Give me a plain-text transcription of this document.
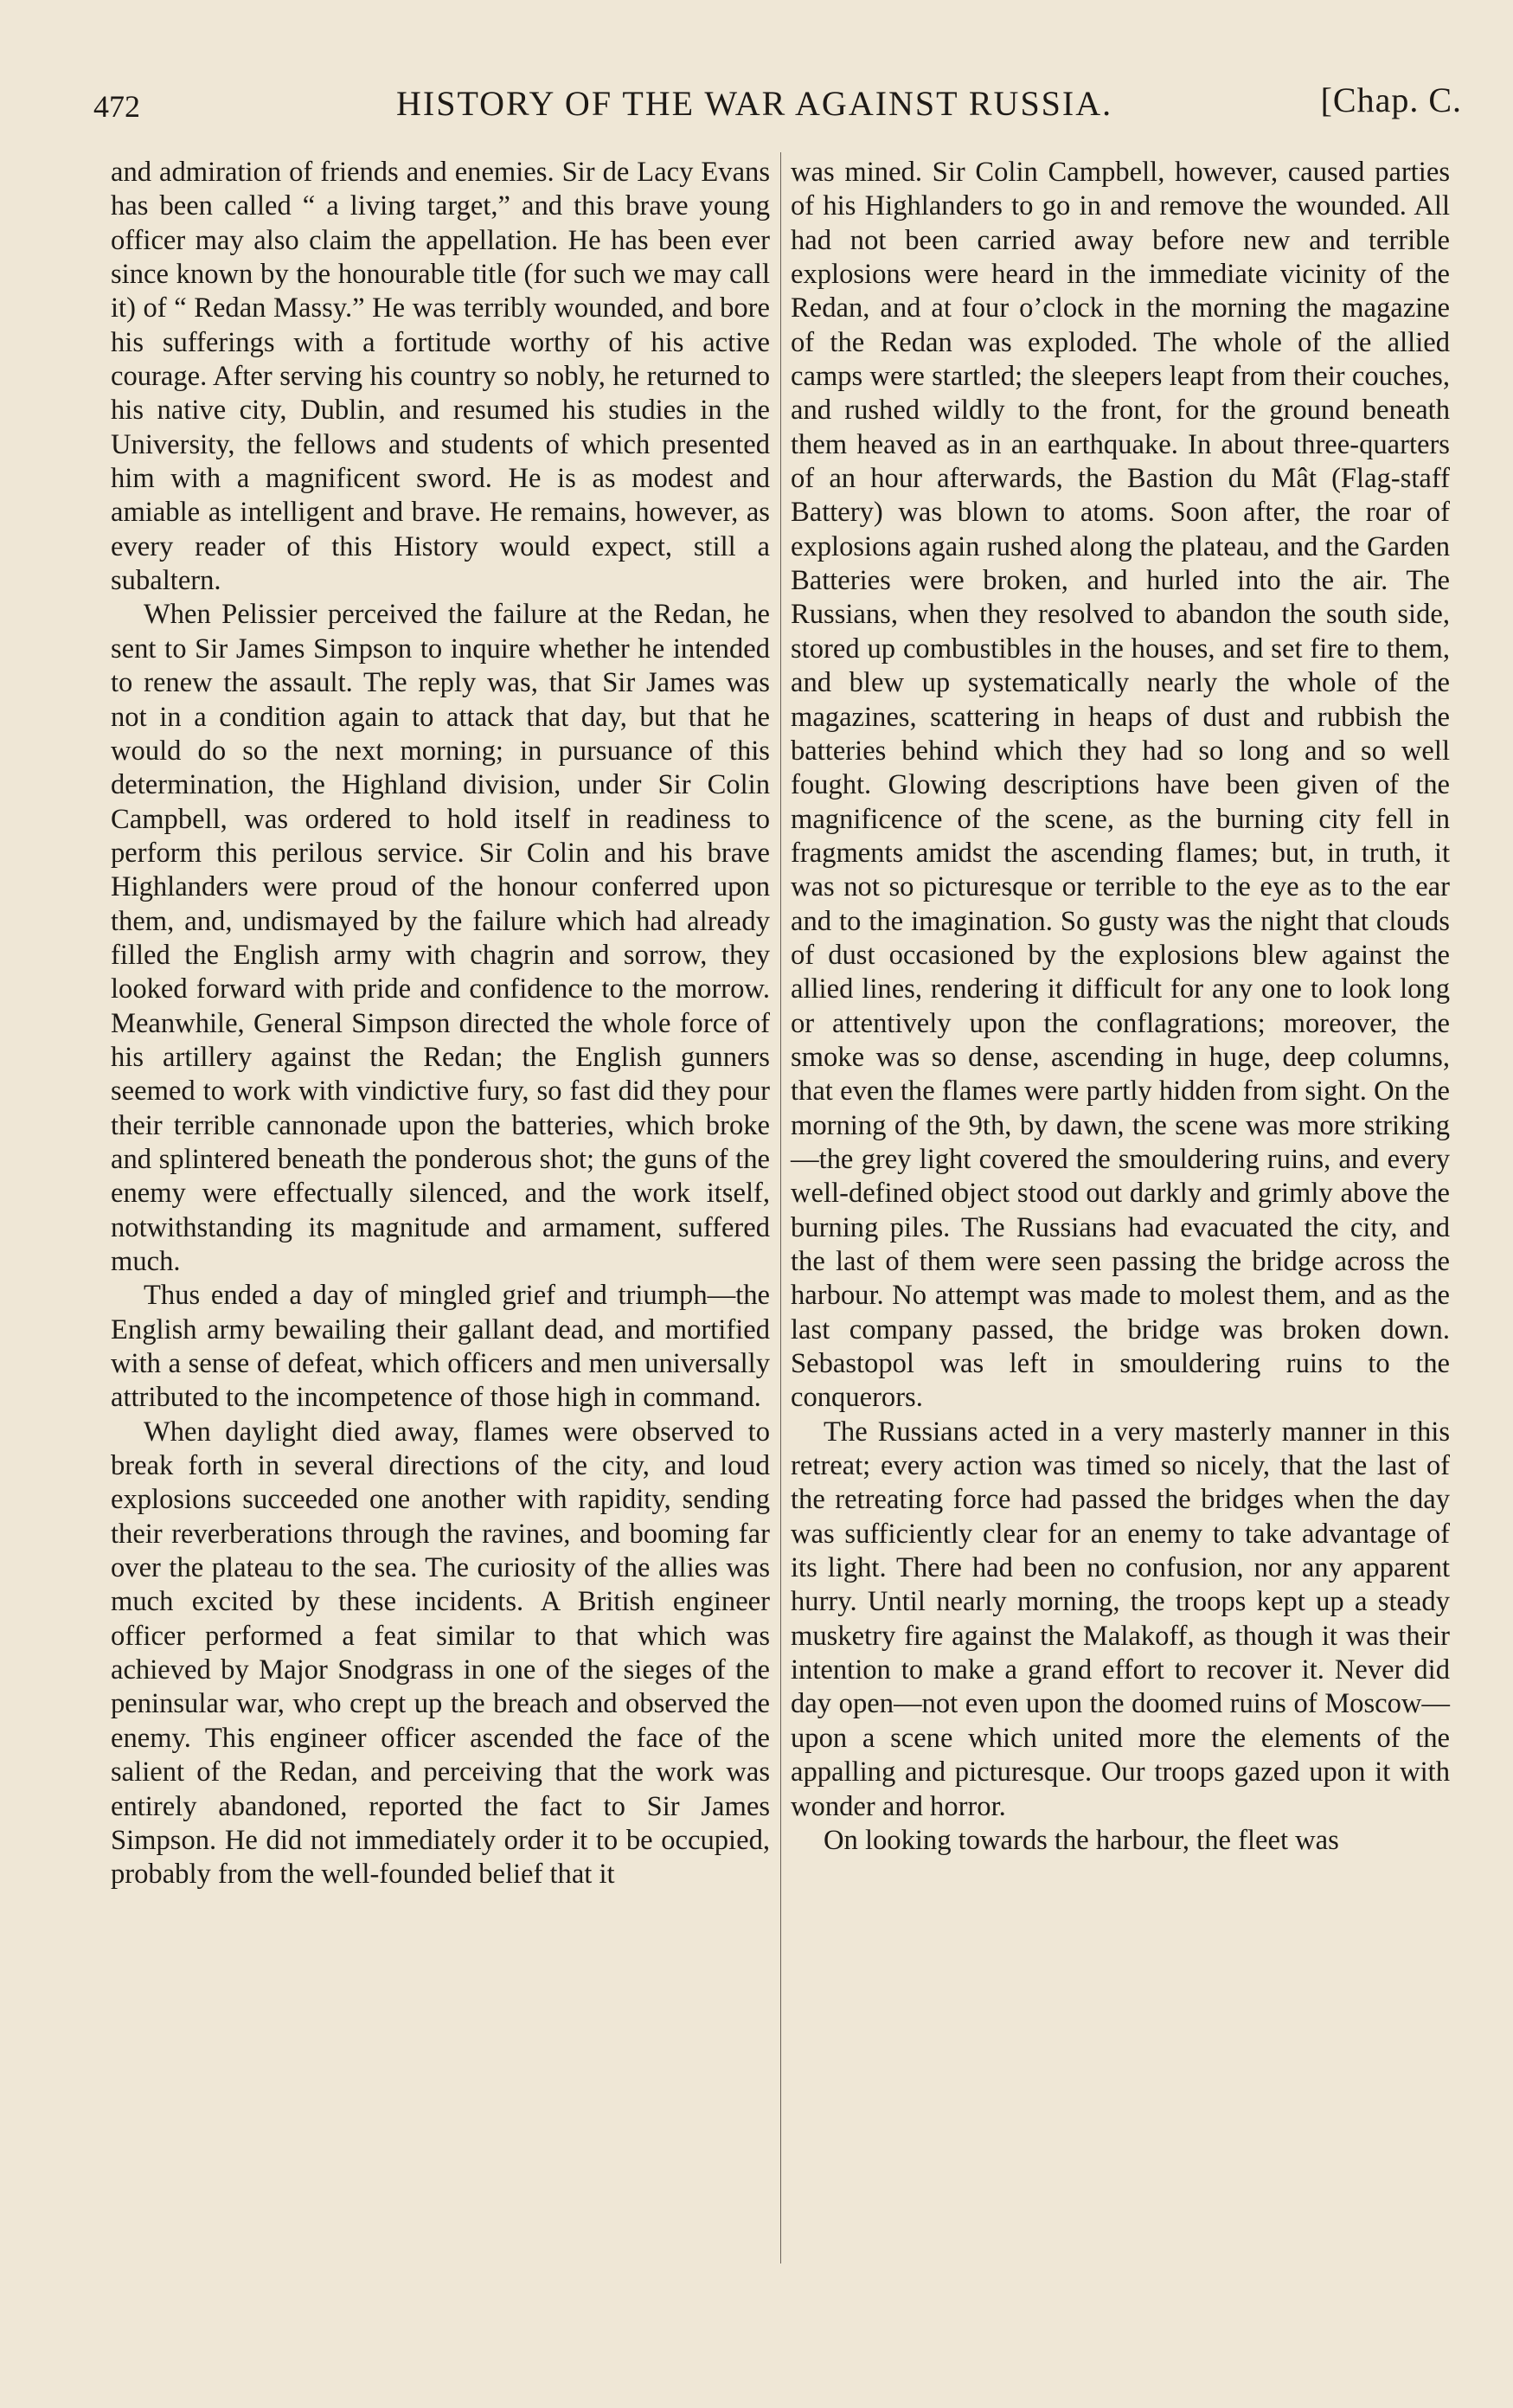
472	HISTORY OF THE WAR AGAINST RUSSIA.	[Chap. C.

and admiration of friends and enemies. Sir de Lacy Evans has been called “ a living target,” and this brave young officer may also claim the appellation. He has been ever since known by the honourable title (for such we may call it) of “ Redan Massy.” He was terribly wounded, and bore his sufferings with a fortitude worthy of his active courage. After serving his country so nobly, he returned to his native city, Dublin, and resumed his studies in the University, the fellows and students of which presented him with a magnificent sword. He is as modest and amiable as intelligent and brave. He remains, however, as every reader of this History would expect, still a subaltern.

When Pelissier perceived the failure at the Redan, he sent to Sir James Simpson to inquire whether he intended to renew the assault. The reply was, that Sir James was not in a condition again to attack that day, but that he would do so the next morning; in pursuance of this determination, the Highland division, under Sir Colin Campbell, was ordered to hold itself in readiness to perform this perilous service. Sir Colin and his brave Highlanders were proud of the honour conferred upon them, and, undismayed by the failure which had already filled the English army with chagrin and sorrow, they looked forward with pride and confidence to the morrow. Meanwhile, General Simpson directed the whole force of his artillery against the Redan; the English gunners seemed to work with vindictive fury, so fast did they pour their terrible cannonade upon the batteries, which broke and splintered beneath the ponderous shot; the guns of the enemy were effectually silenced, and the work itself, notwithstanding its magnitude and armament, suffered much.

Thus ended a day of mingled grief and triumph—the English army bewailing their gallant dead, and mortified with a sense of defeat, which officers and men universally attributed to the incompetence of those high in command.

When daylight died away, flames were observed to break forth in several directions of the city, and loud explosions succeeded one another with rapidity, sending their reverberations through the ravines, and booming far over the plateau to the sea. The curiosity of the allies was much excited by these incidents. A British engineer officer performed a feat similar to that which was achieved by Major Snodgrass in one of the sieges of the peninsular war, who crept up the breach and observed the enemy. This engineer officer ascended the face of the salient of the Redan, and perceiving that the work was entirely abandoned, reported the fact to Sir James Simpson. He did not immediately order it to be occupied, probably from the well-founded belief that it

was mined. Sir Colin Campbell, however, caused parties of his Highlanders to go in and remove the wounded. All had not been carried away before new and terrible explosions were heard in the immediate vicinity of the Redan, and at four o’clock in the morning the magazine of the Redan was exploded. The whole of the allied camps were startled; the sleepers leapt from their couches, and rushed wildly to the front, for the ground beneath them heaved as in an earthquake. In about three-quarters of an hour afterwards, the Bastion du Mât (Flag-staff Battery) was blown to atoms. Soon after, the roar of explosions again rushed along the plateau, and the Garden Batteries were broken, and hurled into the air. The Russians, when they resolved to abandon the south side, stored up combustibles in the houses, and set fire to them, and blew up systematically nearly the whole of the magazines, scattering in heaps of dust and rubbish the batteries behind which they had so long and so well fought. Glowing descriptions have been given of the magnificence of the scene, as the burning city fell in fragments amidst the ascending flames; but, in truth, it was not so picturesque or terrible to the eye as to the ear and to the imagination. So gusty was the night that clouds of dust occasioned by the explosions blew against the allied lines, rendering it difficult for any one to look long or attentively upon the conflagrations; moreover, the smoke was so dense, ascending in huge, deep columns, that even the flames were partly hidden from sight. On the morning of the 9th, by dawn, the scene was more striking—the grey light covered the smouldering ruins, and every well-defined object stood out darkly and grimly above the burning piles. The Russians had evacuated the city, and the last of them were seen passing the bridge across the harbour. No attempt was made to molest them, and as the last company passed, the bridge was broken down. Sebastopol was left in smouldering ruins to the conquerors.

The Russians acted in a very masterly manner in this retreat; every action was timed so nicely, that the last of the retreating force had passed the bridges when the day was sufficiently clear for an enemy to take advantage of its light. There had been no confusion, nor any apparent hurry. Until nearly morning, the troops kept up a steady musketry fire against the Malakoff, as though it was their intention to make a grand effort to recover it. Never did day open—not even upon the doomed ruins of Moscow—upon a scene which united more the elements of the appalling and picturesque. Our troops gazed upon it with wonder and horror.

On looking towards the harbour, the fleet was
